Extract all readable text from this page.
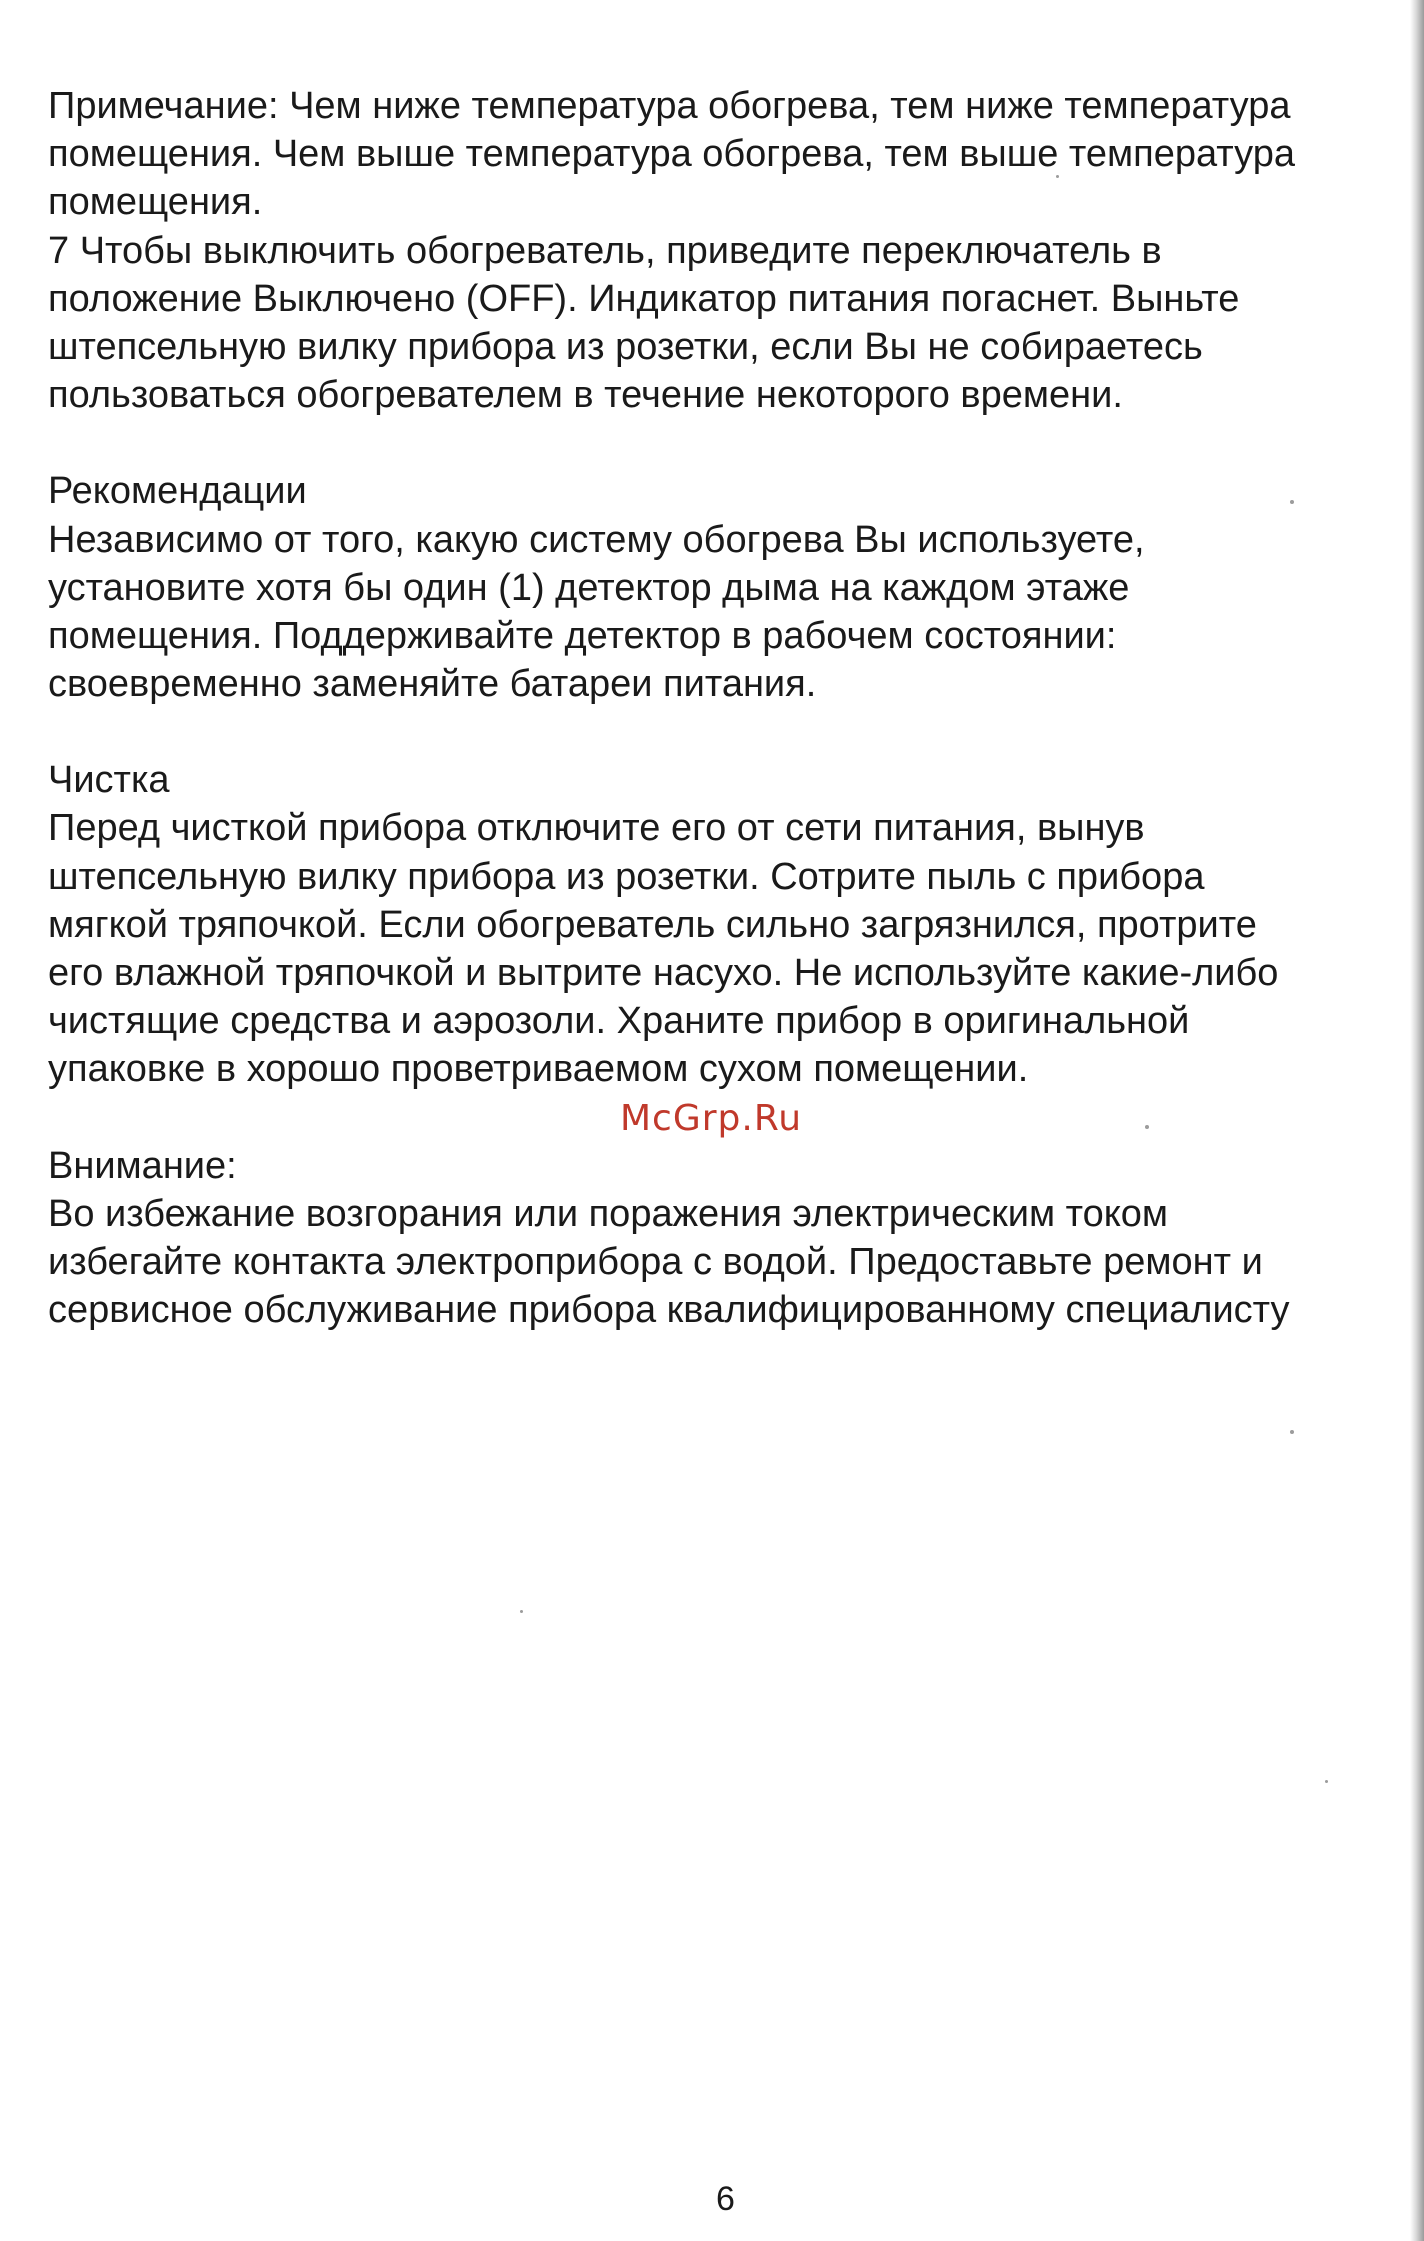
Примечание: Чем ниже температура обогрева, тем ниже температура
помещения. Чем выше температура обогрева, тем выше температура
помещения.
7 Чтобы выключить обогреватель, приведите переключатель в
положение Выключено (OFF). Индикатор питания погаснет. Выньте
штепсельную вилку прибора из розетки, если Вы не собираетесь
пользоваться обогревателем в течение некоторого времени.
Рекомендации
Независимо от того, какую систему обогрева Вы используете,
установите хотя бы один (1) детектор дыма на каждом этаже
помещения. Поддерживайте детектор в рабочем состоянии:
своевременно заменяйте батареи питания.
Чистка
Перед чисткой прибора отключите его от сети питания, вынув
штепсельную вилку прибора из розетки. Сотрите пыль с прибора
мягкой тряпочкой. Если обогреватель сильно загрязнился, протрите
его влажной тряпочкой и вытрите насухо. Не используйте какие-либо
чистящие средства и аэрозоли. Храните прибор в оригинальной
упаковке в хорошо проветриваемом сухом помещении.
Внимание:
Во избежание возгорания или поражения электрическим током
избегайте контакта электроприбора с водой. Предоставьте ремонт и
сервисное обслуживание прибора квалифицированному специалисту
McGrp.Ru
6
